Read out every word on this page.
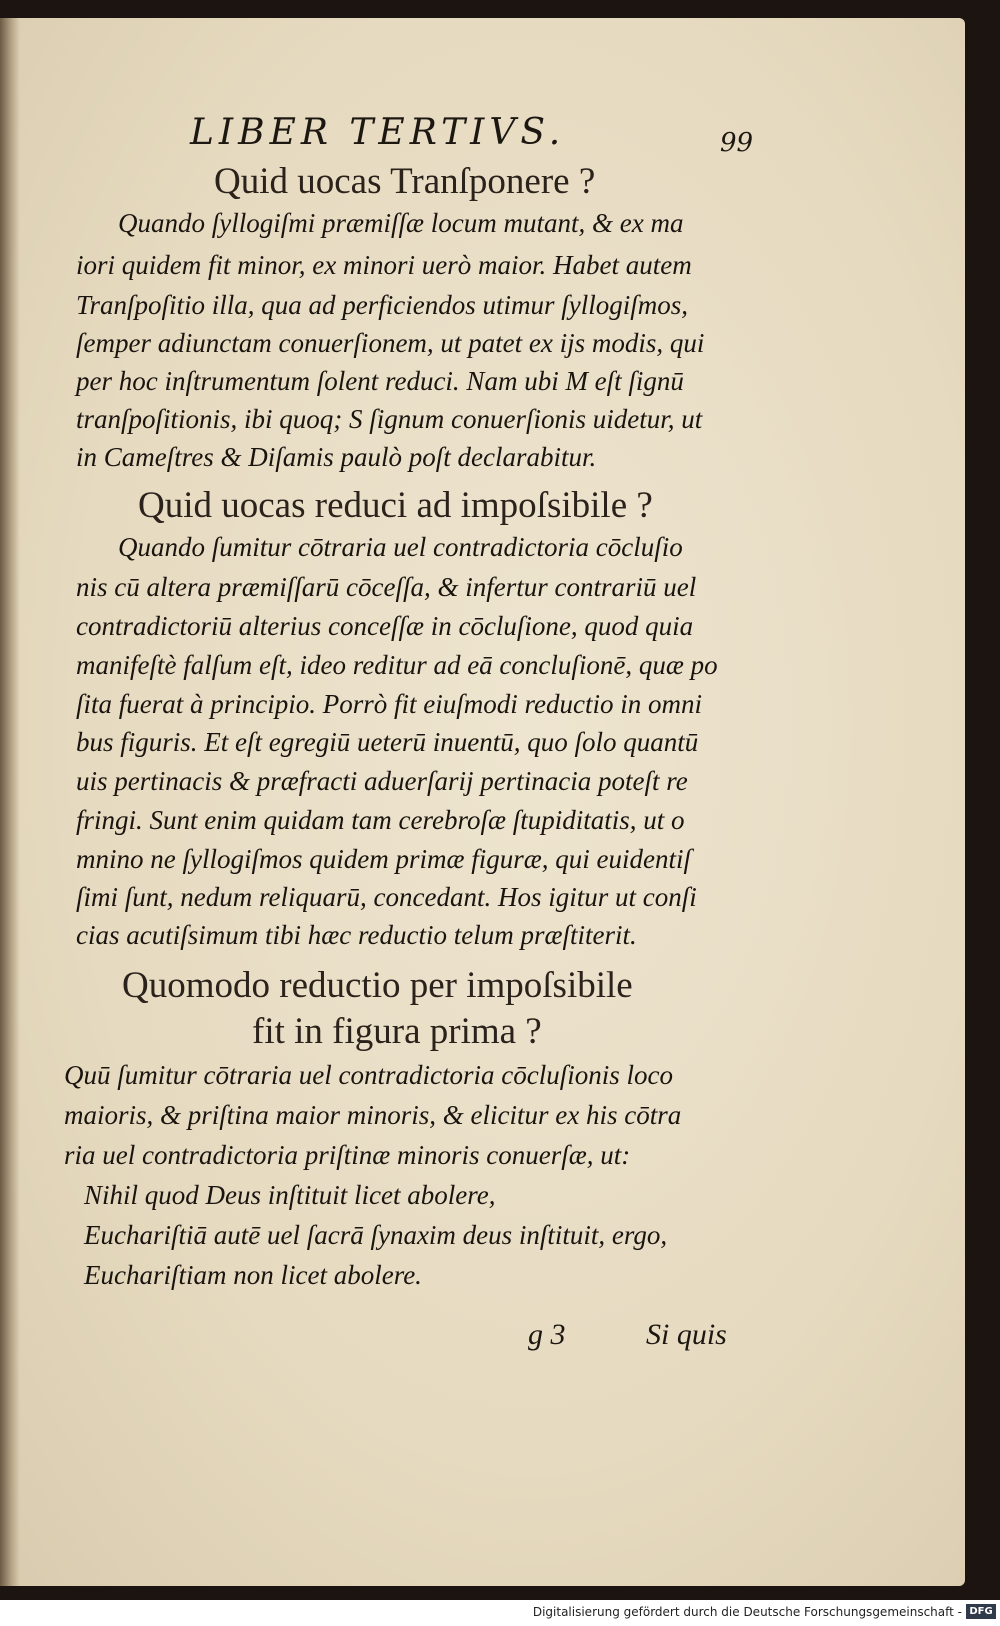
LIBER TERTIVS.	99
Quid uocas Tranſponere ?
Quando ſyllogiſmi præmiſſæ locum mutant, & ex ma
iori quidem fit minor, ex minori uerò maior. Habet autem
Tranſpoſitio illa, qua ad perficiendos utimur ſyllogiſmos,
ſemper adiunctam conuerſionem, ut patet ex ijs modis, qui
per hoc inſtrumentum ſolent reduci. Nam ubi M eſt ſignū
tranſpoſitionis, ibi quoq; S ſignum conuerſionis uidetur, ut
in Cameſtres & Diſamis paulò poſt declarabitur.
Quid uocas reduci ad impoſsibile ?
Quando ſumitur cōtraria uel contradictoria cōcluſio
nis cū altera præmiſſarū cōceſſa, & infertur contrariū uel
contradictoriū alterius conceſſæ in cōcluſione, quod quia
manifeſtè falſum eſt, ideo reditur ad eā concluſionē, quæ po
ſita fuerat à principio. Porrò fit eiuſmodi reductio in omni
bus figuris. Et eſt egregiū ueterū inuentū, quo ſolo quantū
uis pertinacis & præfracti aduerſarij pertinacia poteſt re
fringi. Sunt enim quidam tam cerebroſæ ſtupiditatis, ut o
mnino ne ſyllogiſmos quidem primæ figuræ, qui euidentiſ
ſimi ſunt, nedum reliquarū, concedant. Hos igitur ut conſi
cias acutiſsimum tibi hæc reductio telum præſtiterit.
Quomodo reductio per impoſsibile
fit in figura prima ?
Quū ſumitur cōtraria uel contradictoria cōcluſionis loco
maioris, & priſtina maior minoris, & elicitur ex his cōtra
ria uel contradictoria priſtinæ minoris conuerſæ, ut:
Nihil quod Deus inſtituit licet abolere,
Euchariſtiā autē uel ſacrā ſynaxim deus inſtituit, ergo,
Euchariſtiam non licet abolere.
g 3	Si quis
Digitalisierung gefördert durch die Deutsche Forschungsgemeinschaft - DFG
